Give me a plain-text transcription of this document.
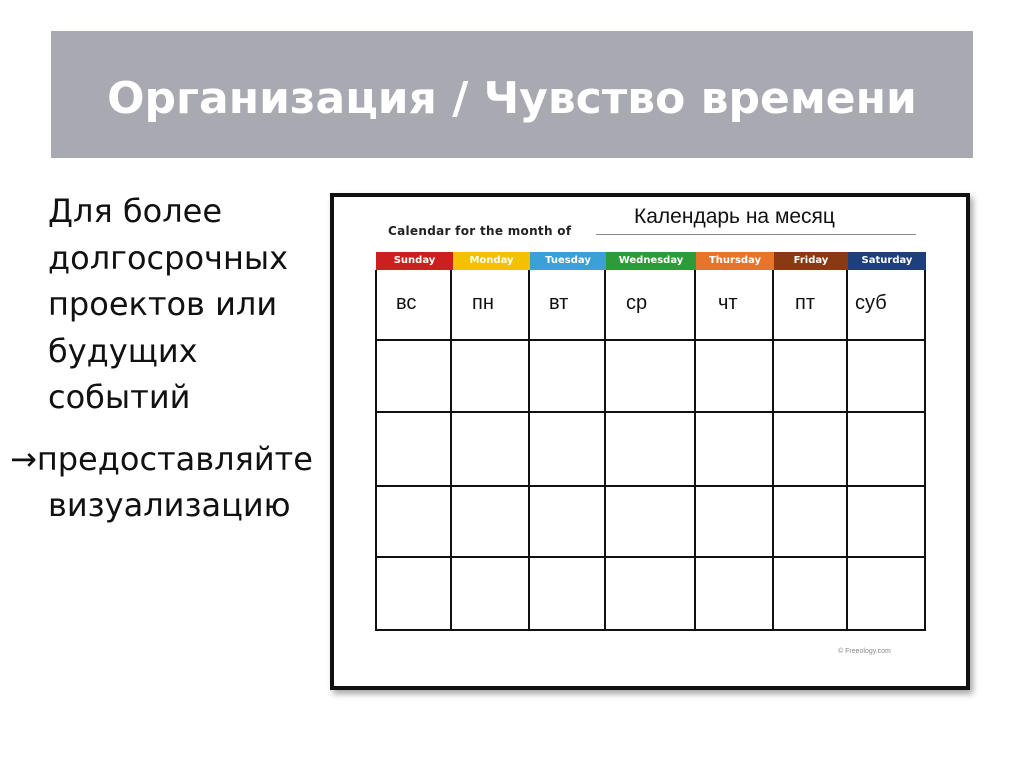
Организация / Чувство времени
Для более
долгосрочных
проектов или
будущих
событий
→предоставляйте
визуализацию
Calendar for the month of
Календарь на месяц
Sunday	Monday	Tuesday	Wednesday	Thursday	Friday	Saturday
вс	пн	вт	ср	чт	пт суб
© Freeology.com
